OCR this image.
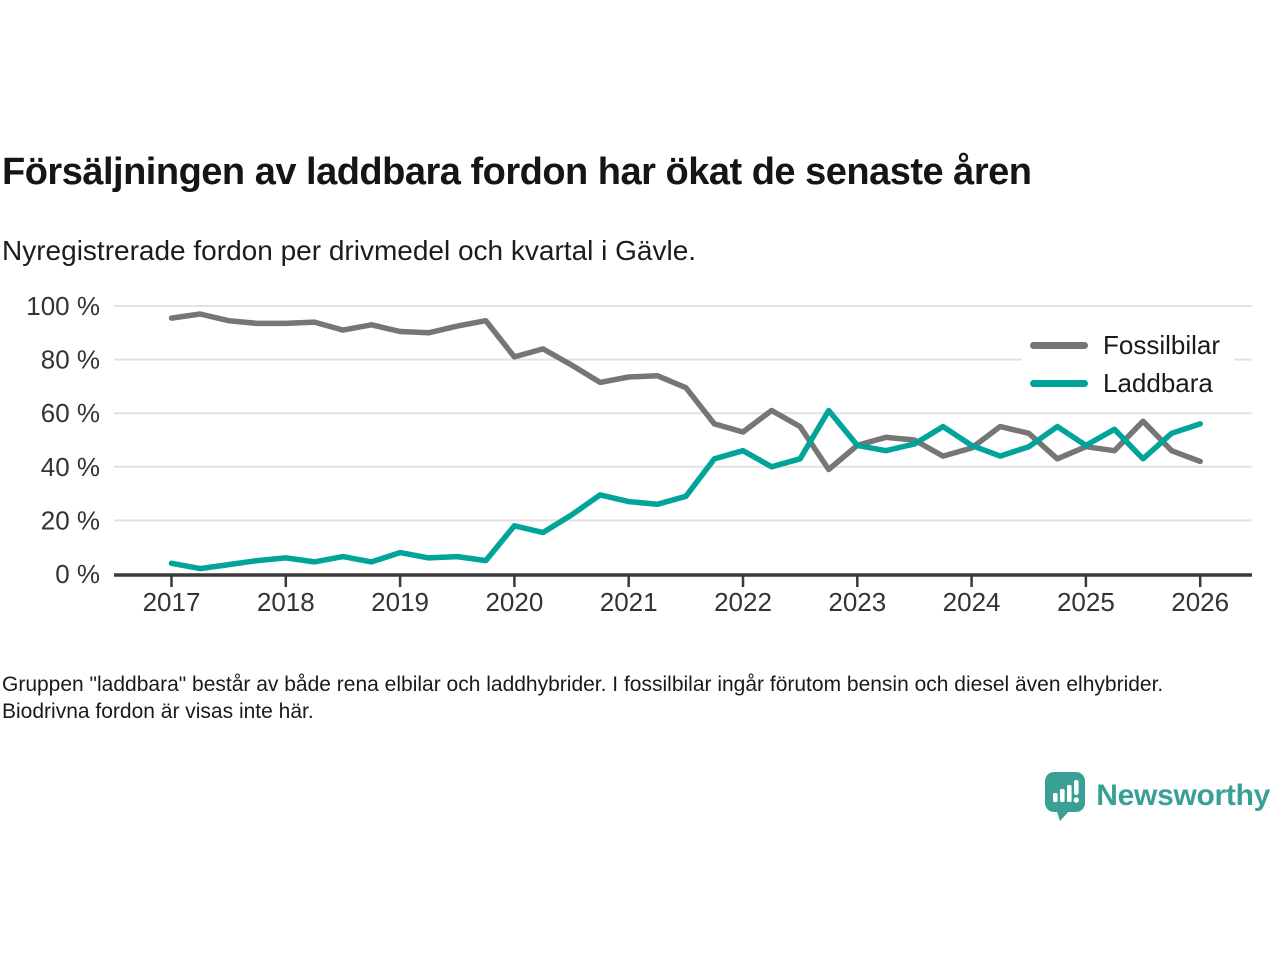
Försäljningen av laddbara fordon har ökat de senaste åren
Nyregistrerade fordon per drivmedel och kvartal i Gävle.
0 %
20 %
40 %
60 %
80 %
100 %
2017 2018 2019 2020 2021 2022 2023 2024 2025 2026
Fossilbilar
Laddbara
Gruppen "laddbara" består av både rena elbilar och laddhybrider. I fossilbilar ingår förutom bensin och diesel även elhybrider. Biodrivna fordon är visas inte här.
Newsworthy
